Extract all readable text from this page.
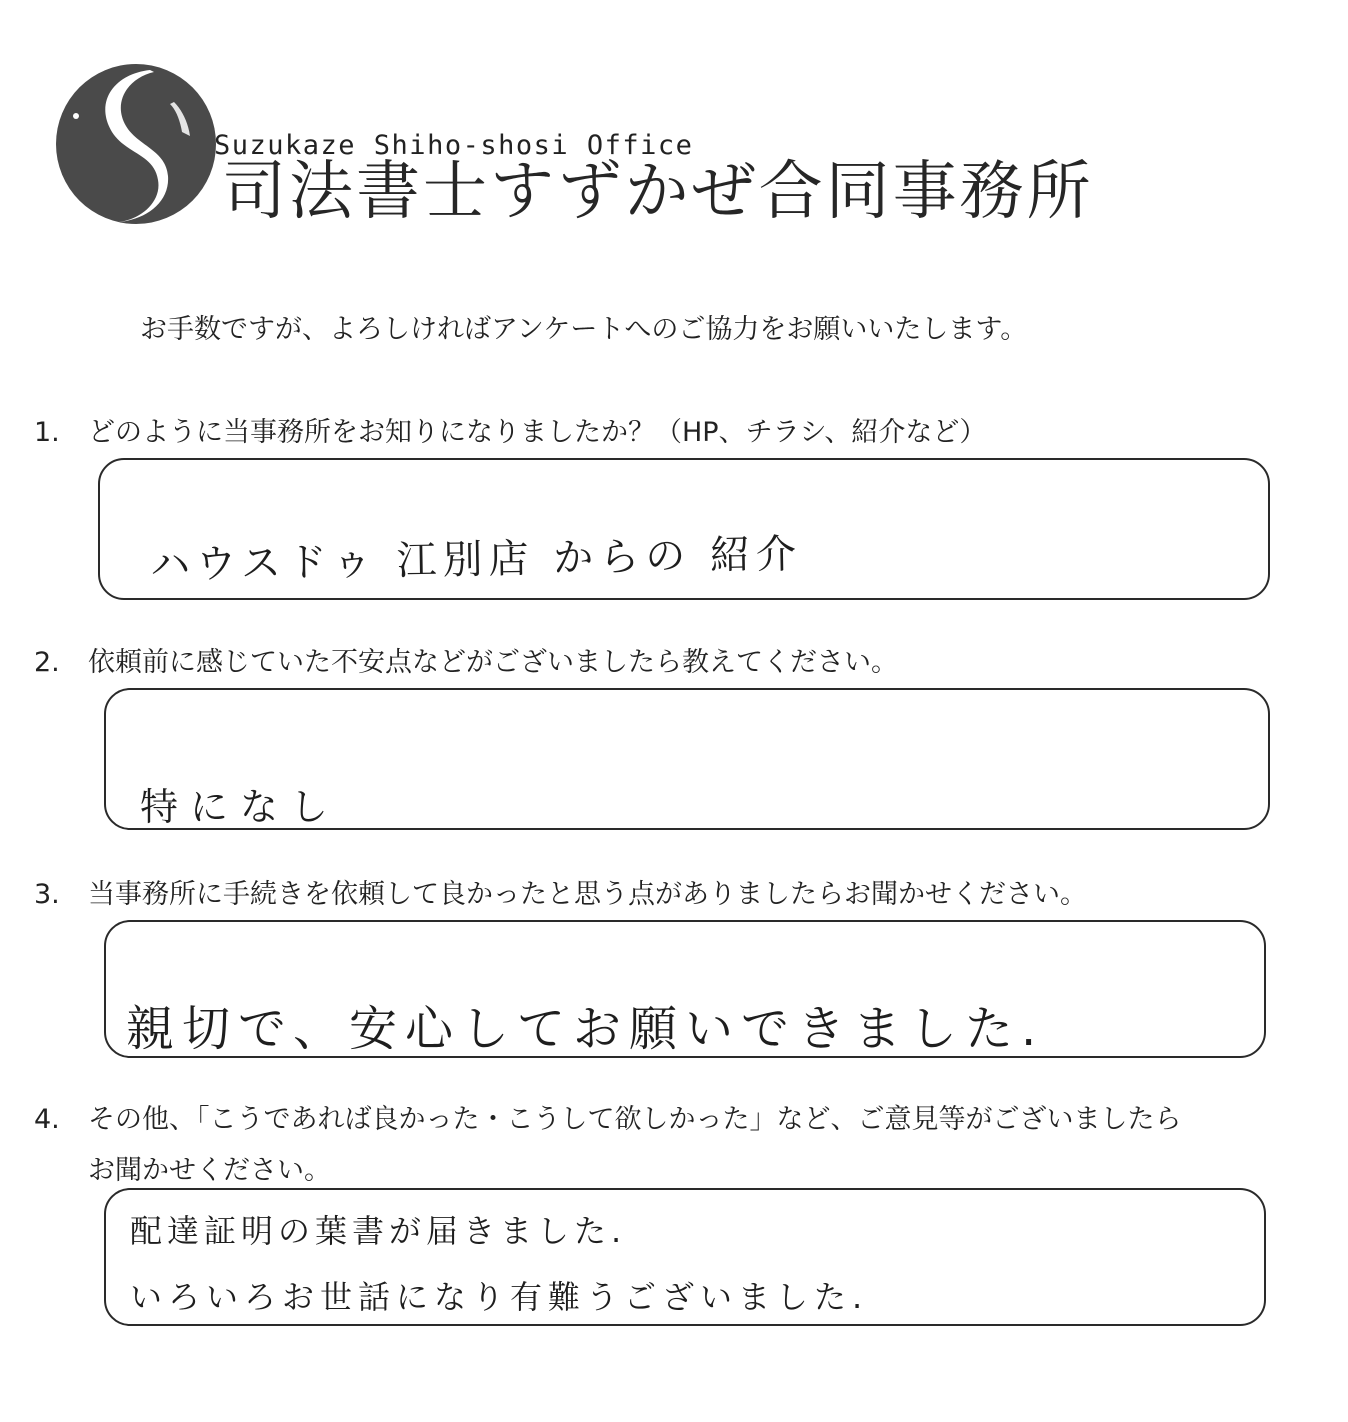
Suzukaze Shiho-shosi Office
司法書士すずかぜ合同事務所
お手数ですが、よろしければアンケートへのご協力をお願いいたします。
1. どのように当事務所をお知りになりましたか？（HP、チラシ、紹介など）
ハウスドゥ 江別店 からの 紹介
2. 依頼前に感じていた不安点などがございましたら教えてください。
特になし
3. 当事務所に手続きを依頼して良かったと思う点がありましたらお聞かせください。
親切で、安心してお願いできました.
4. その他、「こうであれば良かった・こうして欲しかった」など、ご意見等がございましたら
お聞かせください。
配達証明の葉書が届きました.
いろいろお世話になり有難うございました.
